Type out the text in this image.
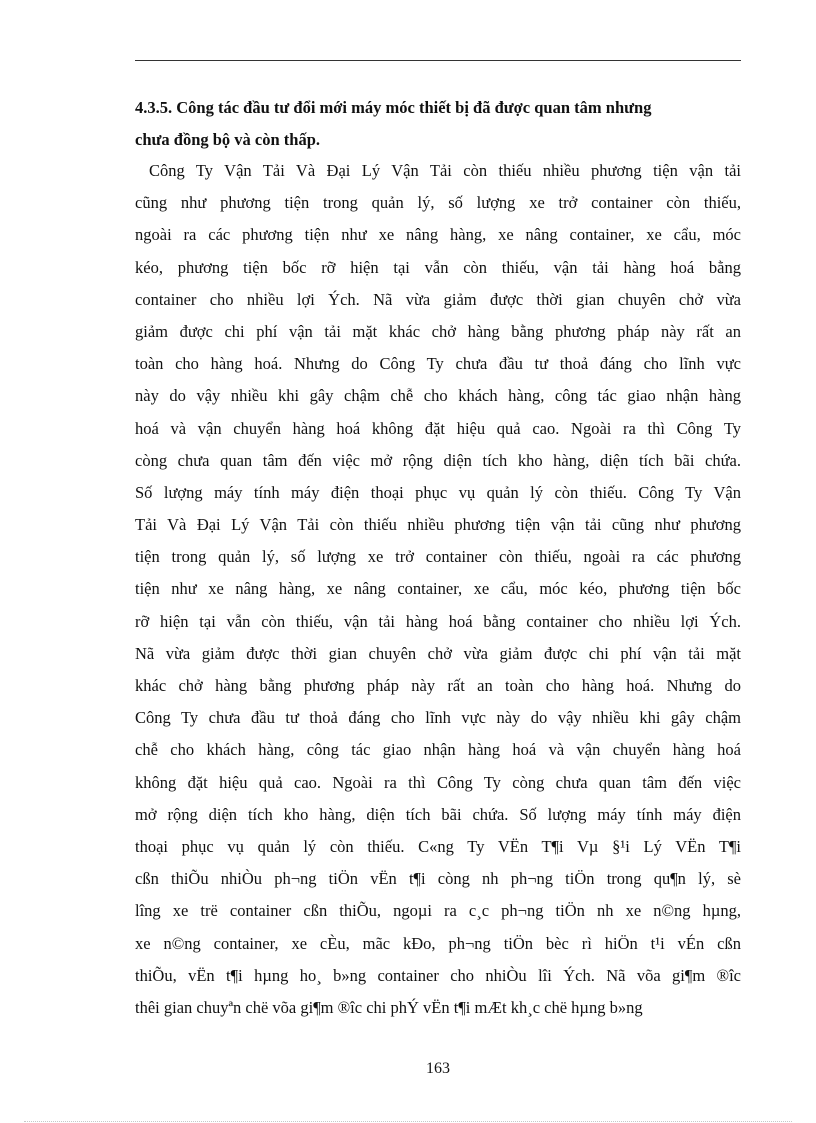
4.3.5. Công tác đầu tư đổi mới máy móc thiết bị đã được quan tâm nhưng
chưa đồng bộ và còn thấp.
Công Ty Vận Tải Và Đại Lý Vận Tải còn thiếu nhiều phương tiện vận tải
cũng như phương tiện trong quản lý, số lượng xe trở container còn thiếu,
ngoài ra các phương tiện như xe nâng hàng, xe nâng container, xe cẩu, móc
kéo, phương tiện bốc rỡ hiện tại vẫn còn thiếu, vận tải hàng hoá bằng
container cho nhiều lợi Ých. Nã vừa giảm được thời gian chuyên chở vừa
giảm được chi phí vận tải mặt khác chở hàng bằng phương pháp này rất an
toàn cho hàng hoá. Nhưng do Công Ty chưa đầu tư thoả đáng cho lĩnh vực
này do vậy nhiều khi gây chậm chễ cho khách hàng, công tác giao nhận hàng
hoá và vận chuyển hàng hoá không đặt hiệu quả cao. Ngoài ra thì Công Ty
còng chưa quan tâm đến việc mở rộng diện tích kho hàng, diện tích bãi chứa.
Số lượng máy tính máy điện thoại phục vụ quản lý còn thiếu. Công Ty Vận
Tải Và Đại Lý Vận Tải còn thiếu nhiều phương tiện vận tải cũng như phương
tiện trong quản lý, số lượng xe trở container còn thiếu, ngoài ra các phương
tiện như xe nâng hàng, xe nâng container, xe cẩu, móc kéo, phương tiện bốc
rỡ hiện tại vẫn còn thiếu, vận tải hàng hoá bằng container cho nhiều lợi Ých.
Nã vừa giảm được thời gian chuyên chở vừa giảm được chi phí vận tải mặt
khác chở hàng bằng phương pháp này rất an toàn cho hàng hoá. Nhưng do
Công Ty chưa đầu tư thoả đáng cho lĩnh vực này do vậy nhiều khi gây chậm
chễ cho khách hàng, công tác giao nhận hàng hoá và vận chuyển hàng hoá
không đặt hiệu quả cao. Ngoài ra thì Công Ty còng chưa quan tâm đến việc
mở rộng diện tích kho hàng, diện tích bãi chứa. Số lượng máy tính máy điện
thoại phục vụ quản lý còn thiếu. C«ng Ty VËn T¶i Vµ §¹i Lý VËn T¶i
cßn thiÕu nhiÒu ph¬ng tiÖn vËn t¶i còng nh ph¬ng tiÖn trong qu¶n lý, sè
lîng xe trë container cßn thiÕu, ngoµi ra c¸c ph¬ng tiÖn nh xe n©ng hµng,
xe n©ng container, xe cÈu, mãc kÐo, ph¬ng tiÖn bèc rì hiÖn t¹i vÉn cßn
thiÕu, vËn t¶i hµng ho¸ b»ng container cho nhiÒu lîi Ých. Nã võa gi¶m ®îc
thêi gian chuyªn chë võa gi¶m ®îc chi phÝ vËn t¶i mÆt kh¸c chë hµng b»ng
163
